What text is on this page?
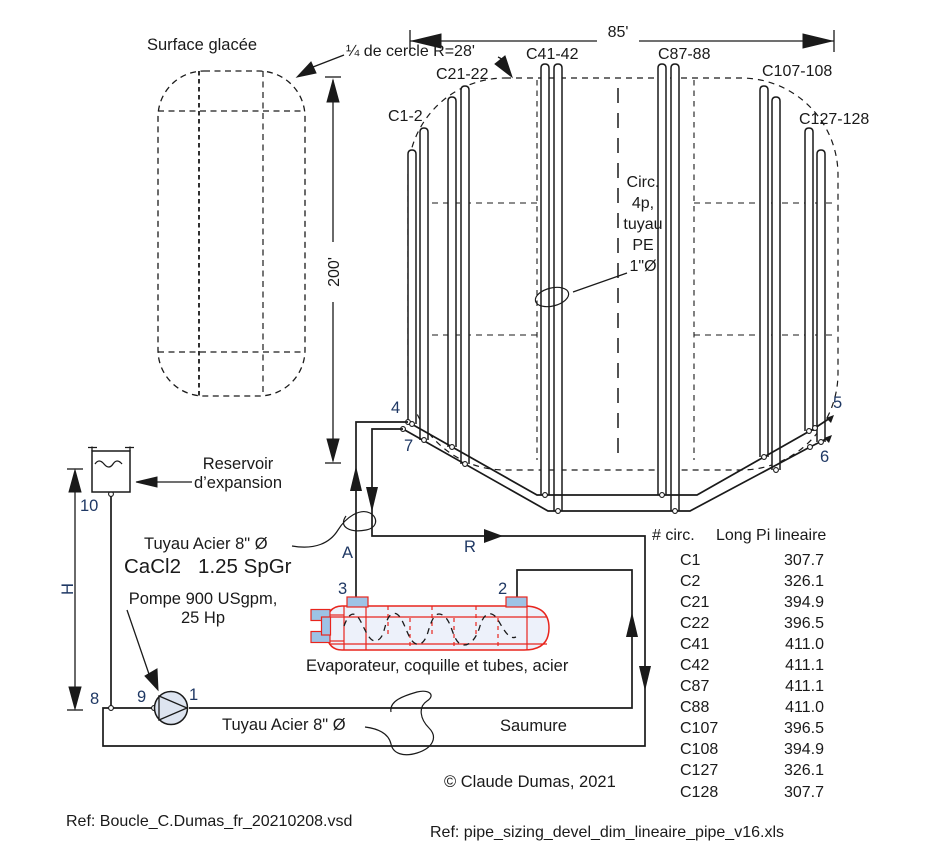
Surface glacée	¼ de cercle R=28'
85'
200'
H
C1-2
C21-22
C41-42	C87-88
C107-108
C127-128
Circ.
4p,
tuyau
PE
1"Ø
4
7
5
6
A	R
3	2
10
8 9	1
Reservoir
d’expansion
Tuyau Acier 8" Ø
CaCl2   1.25 SpGr
Pompe 900 USgpm,
25 Hp
Evaporateur, coquille et tubes, acier
Saumure
Tuyau Acier 8" Ø
# circ. Long Pi lineaire
C1	307.7
C2	326.1
C21	394.9
C22	396.5
C41	411.0
C42	411.1
C87	411.1
C88	411.0
C107	396.5
C108	394.9
C127	326.1
C128	307.7
© Claude Dumas, 2021
Ref: Boucle_C.Dumas_fr_20210208.vsd
Ref: pipe_sizing_devel_dim_lineaire_pipe_v16.xls
